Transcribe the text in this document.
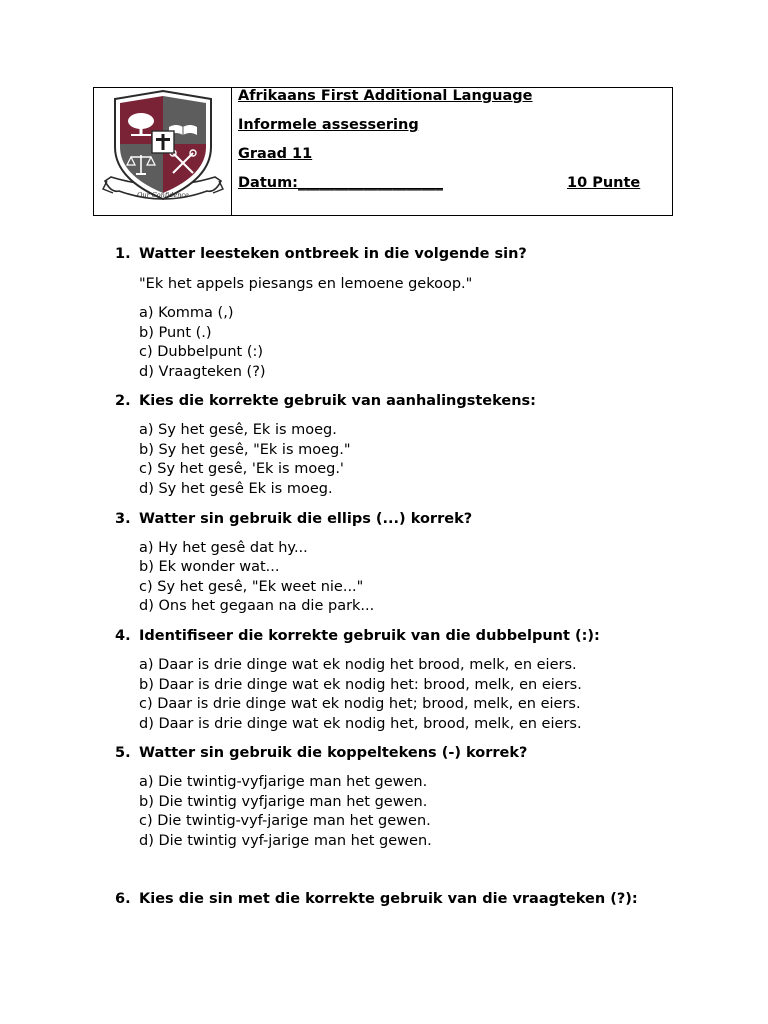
Our Confidence
Afrikaans First Additional Language
Informele assessering
Graad 11
Datum:____________________	10 Punte
1. Watter leesteken ontbreek in die volgende sin?
"Ek het appels piesangs en lemoene gekoop."
a) Komma (,)
b) Punt (.)
c) Dubbelpunt (:)
d) Vraagteken (?)
2. Kies die korrekte gebruik van aanhalingstekens:
a) Sy het gesê, Ek is moeg.
b) Sy het gesê, "Ek is moeg."
c) Sy het gesê, 'Ek is moeg.'
d) Sy het gesê Ek is moeg.
3. Watter sin gebruik die ellips (...) korrek?
a) Hy het gesê dat hy...
b) Ek wonder wat...
c) Sy het gesê, "Ek weet nie..."
d) Ons het gegaan na die park...
4. Identifiseer die korrekte gebruik van die dubbelpunt (:):
a) Daar is drie dinge wat ek nodig het brood, melk, en eiers.
b) Daar is drie dinge wat ek nodig het: brood, melk, en eiers.
c) Daar is drie dinge wat ek nodig het; brood, melk, en eiers.
d) Daar is drie dinge wat ek nodig het, brood, melk, en eiers.
5. Watter sin gebruik die koppeltekens (-) korrek?
a) Die twintig-vyfjarige man het gewen.
b) Die twintig vyfjarige man het gewen.
c) Die twintig-vyf-jarige man het gewen.
d) Die twintig vyf-jarige man het gewen.
6. Kies die sin met die korrekte gebruik van die vraagteken (?):
